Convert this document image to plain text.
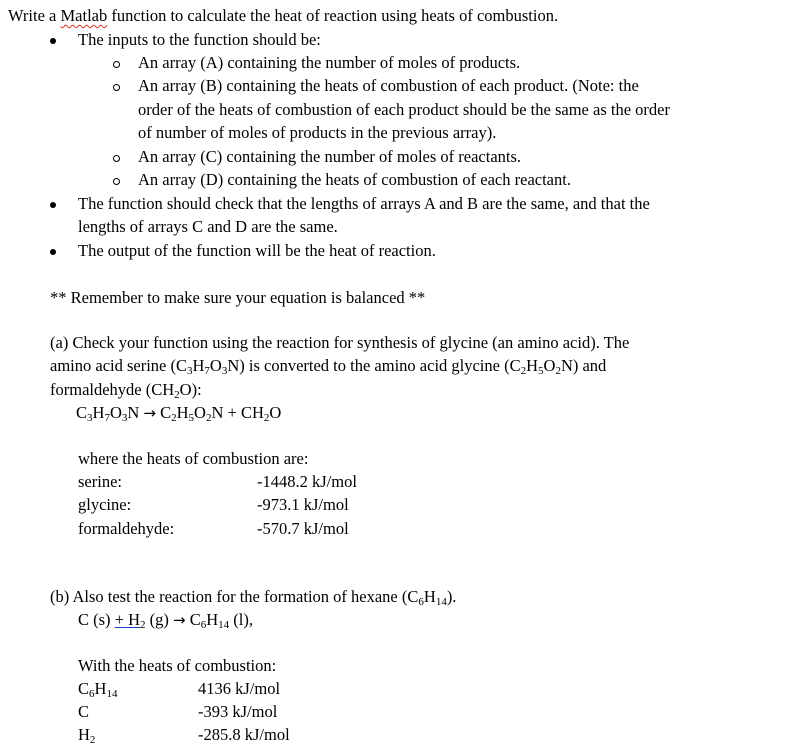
Write a Matlab function to calculate the heat of reaction using heats of combustion.
The inputs to the function should be:
An array (A) containing the number of moles of products.
An array (B) containing the heats of combustion of each product. (Note: the
order of the heats of combustion of each product should be the same as the order
of number of moles of products in the previous array).
An array (C) containing the number of moles of reactants.
An array (D) containing the heats of combustion of each reactant.
The function should check that the lengths of arrays A and B are the same, and that the
lengths of arrays C and D are the same.
The output of the function will be the heat of reaction.
** Remember to make sure your equation is balanced **
(a) Check your function using the reaction for synthesis of glycine (an amino acid). The
amino acid serine $(C_3H_7O_3N)$ is converted to the amino acid glycine $(C_2H_5O_2N)$ and
formaldehyde $(CH_2O)$:
$C_3H_7O_3N \to C_2H_5O_2N + CH_2O$
where the heats of combustion are:
serine:	-1448.2 kJ/mol
glycine:	-973.1 kJ/mol
formaldehyde:	-570.7 kJ/mol
(b) Also test the reaction for the formation of hexane $(C_6H_{14})$.
C $(s) + H_2$ $(g) \to C_6H_{14}$ (l),
With the heats of combustion:
$C_6H_{14}$	4136 kJ/mol
C	-393 kJ/mol
$H_2$	-285.8 kJ/mol
